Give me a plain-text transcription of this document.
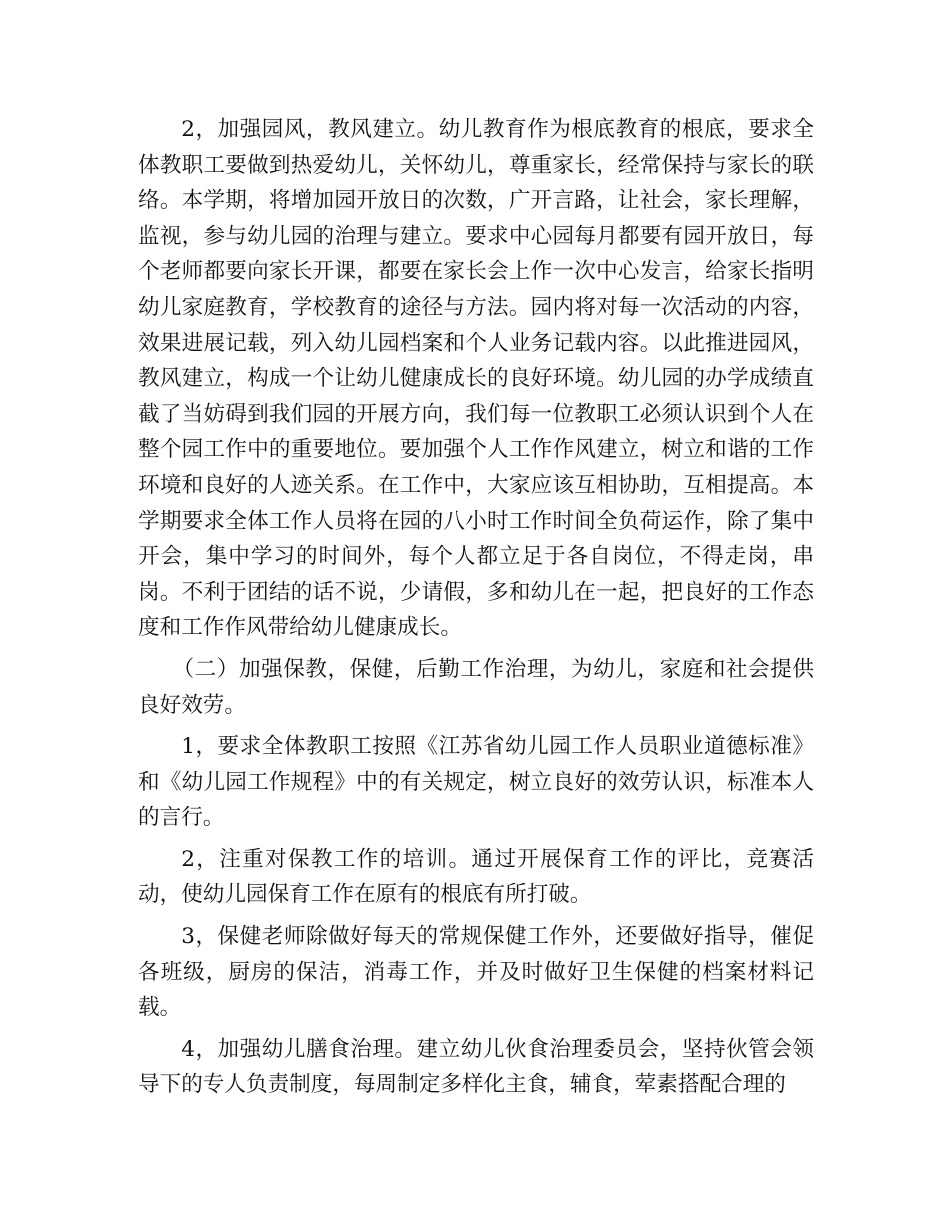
2，加强园风，教风建立。幼儿教育作为根底教育的根底，要求全体教职工要做到热爱幼儿，关怀幼儿，尊重家长，经常保持与家长的联络。本学期，将增加园开放日的次数，广开言路，让社会，家长理解，监视，参与幼儿园的治理与建立。要求中心园每月都要有园开放日，每个老师都要向家长开课，都要在家长会上作一次中心发言，给家长指明幼儿家庭教育，学校教育的途径与方法。园内将对每一次活动的内容，效果进展记载，列入幼儿园档案和个人业务记载内容。以此推进园风，教风建立，构成一个让幼儿健康成长的良好环境。幼儿园的办学成绩直截了当妨碍到我们园的开展方向，我们每一位教职工必须认识到个人在整个园工作中的重要地位。要加强个人工作作风建立，树立和谐的工作环境和良好的人迹关系。在工作中，大家应该互相协助，互相提高。本学期要求全体工作人员将在园的八小时工作时间全负荷运作，除了集中开会，集中学习的时间外，每个人都立足于各自岗位，不得走岗，串岗。不利于团结的话不说，少请假，多和幼儿在一起，把良好的工作态度和工作作风带给幼儿健康成长。

（二）加强保教，保健，后勤工作治理，为幼儿，家庭和社会提供良好效劳。

1，要求全体教职工按照《江苏省幼儿园工作人员职业道德标准》和《幼儿园工作规程》中的有关规定，树立良好的效劳认识，标准本人的言行。

2，注重对保教工作的培训。通过开展保育工作的评比，竞赛活动，使幼儿园保育工作在原有的根底有所打破。

3，保健老师除做好每天的常规保健工作外，还要做好指导，催促各班级，厨房的保洁，消毒工作，并及时做好卫生保健的档案材料记载。

4，加强幼儿膳食治理。建立幼儿伙食治理委员会，坚持伙管会领导下的专人负责制度，每周制定多样化主食，辅食，荤素搭配合理的
